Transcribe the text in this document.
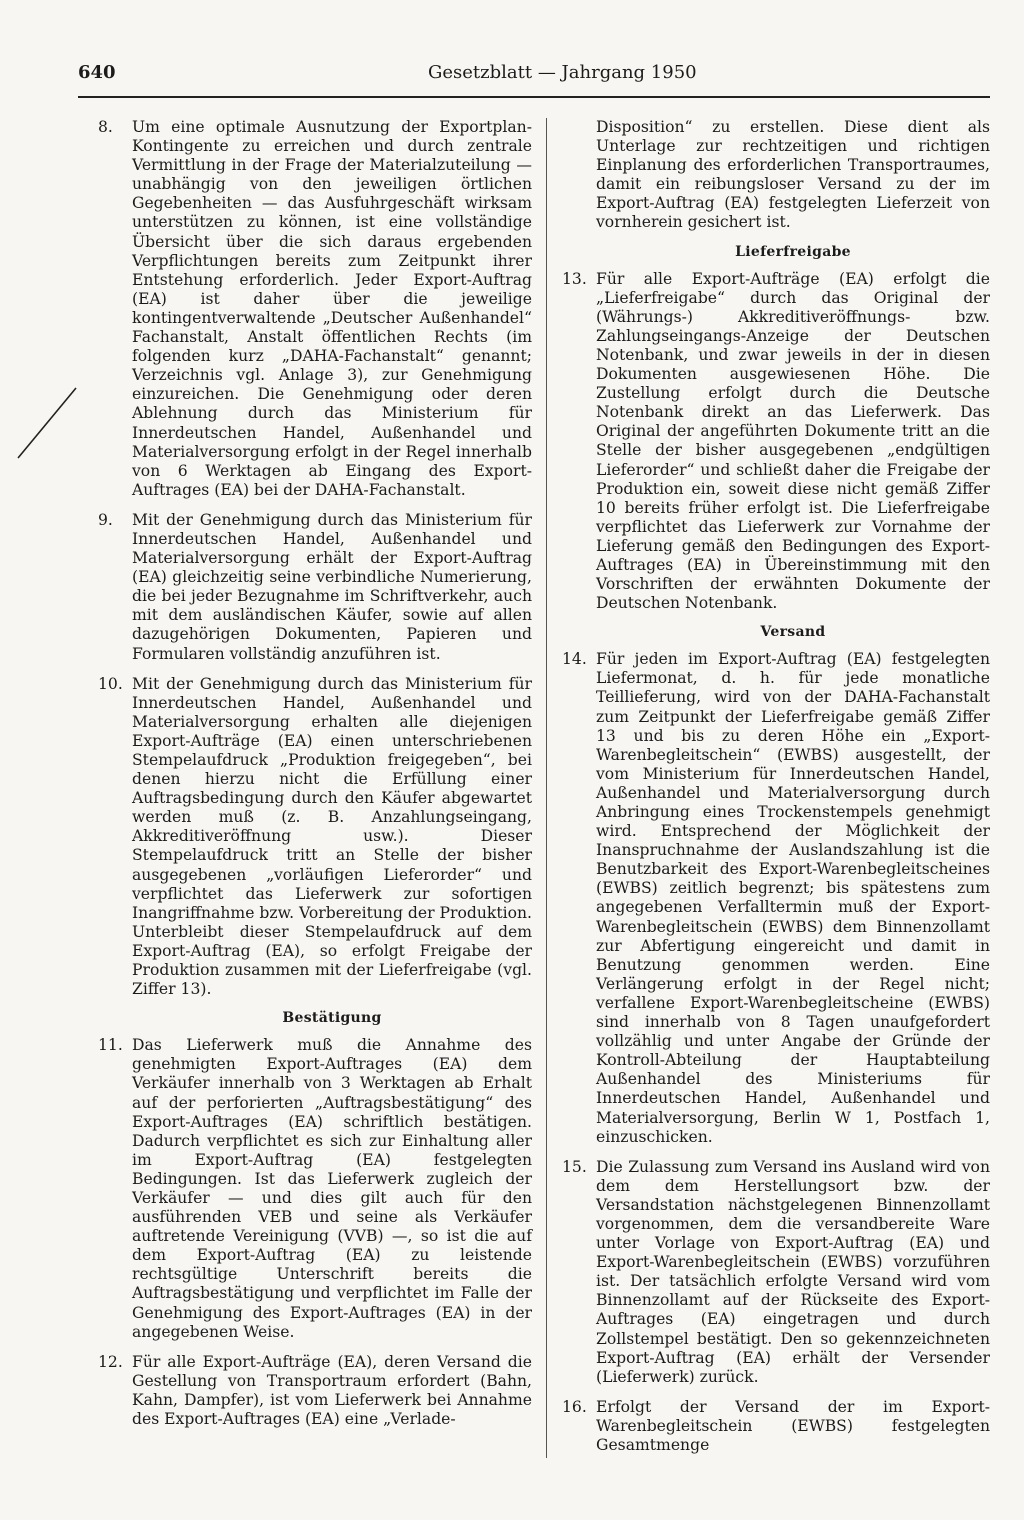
640	Gesetzblatt — Jahrgang 1950

8. Um eine optimale Ausnutzung der Exportplan-Kontingente zu erreichen und durch zentrale Vermittlung in der Frage der Materialzuteilung — unabhängig von den jeweiligen örtlichen Gegebenheiten — das Ausfuhrgeschäft wirksam unterstützen zu können, ist eine vollständige Übersicht über die sich daraus ergebenden Verpflichtungen bereits zum Zeitpunkt ihrer Entstehung erforderlich. Jeder Export-Auftrag (EA) ist daher über die jeweilige kontingentverwaltende „Deutscher Außenhandel“ Fachanstalt, Anstalt öffentlichen Rechts (im folgenden kurz „DAHA-Fachanstalt“ genannt; Verzeichnis vgl. Anlage 3), zur Genehmigung einzureichen. Die Genehmigung oder deren Ablehnung durch das Ministerium für Innerdeutschen Handel, Außenhandel und Materialversorgung erfolgt in der Regel innerhalb von 6 Werktagen ab Eingang des Export-Auftrages (EA) bei der DAHA-Fachanstalt.

9. Mit der Genehmigung durch das Ministerium für Innerdeutschen Handel, Außenhandel und Materialversorgung erhält der Export-Auftrag (EA) gleichzeitig seine verbindliche Numerierung, die bei jeder Bezugnahme im Schriftverkehr, auch mit dem ausländischen Käufer, sowie auf allen dazugehörigen Dokumenten, Papieren und Formularen vollständig anzuführen ist.

10. Mit der Genehmigung durch das Ministerium für Innerdeutschen Handel, Außenhandel und Materialversorgung erhalten alle diejenigen Export-Aufträge (EA) einen unterschriebenen Stempelaufdruck „Produktion freigegeben“, bei denen hierzu nicht die Erfüllung einer Auftragsbedingung durch den Käufer abgewartet werden muß (z. B. Anzahlungseingang, Akkreditiveröffnung usw.). Dieser Stempelaufdruck tritt an Stelle der bisher ausgegebenen „vorläufigen Lieferorder“ und verpflichtet das Lieferwerk zur sofortigen Inangriffnahme bzw. Vorbereitung der Produktion. Unterbleibt dieser Stempelaufdruck auf dem Export-Auftrag (EA), so erfolgt Freigabe der Produktion zusammen mit der Lieferfreigabe (vgl. Ziffer 13).

Bestätigung

11. Das Lieferwerk muß die Annahme des genehmigten Export-Auftrages (EA) dem Verkäufer innerhalb von 3 Werktagen ab Erhalt auf der perforierten „Auftragsbestätigung“ des Export-Auftrages (EA) schriftlich bestätigen. Dadurch verpflichtet es sich zur Einhaltung aller im Export-Auftrag (EA) festgelegten Bedingungen. Ist das Lieferwerk zugleich der Verkäufer — und dies gilt auch für den ausführenden VEB und seine als Verkäufer auftretende Vereinigung (VVB) —, so ist die auf dem Export-Auftrag (EA) zu leistende rechtsgültige Unterschrift bereits die Auftragsbestätigung und verpflichtet im Falle der Genehmigung des Export-Auftrages (EA) in der angegebenen Weise.

12. Für alle Export-Aufträge (EA), deren Versand die Gestellung von Transportraum erfordert (Bahn, Kahn, Dampfer), ist vom Lieferwerk bei Annahme des Export-Auftrages (EA) eine „Verlade-

Disposition“ zu erstellen. Diese dient als Unterlage zur rechtzeitigen und richtigen Einplanung des erforderlichen Transportraumes, damit ein reibungsloser Versand zu der im Export-Auftrag (EA) festgelegten Lieferzeit von vornherein gesichert ist.

Lieferfreigabe

13. Für alle Export-Aufträge (EA) erfolgt die „Lieferfreigabe“ durch das Original der (Währungs-) Akkreditiveröffnungs- bzw. Zahlungseingangs-Anzeige der Deutschen Notenbank, und zwar jeweils in der in diesen Dokumenten ausgewiesenen Höhe. Die Zustellung erfolgt durch die Deutsche Notenbank direkt an das Lieferwerk. Das Original der angeführten Dokumente tritt an die Stelle der bisher ausgegebenen „endgültigen Lieferorder“ und schließt daher die Freigabe der Produktion ein, soweit diese nicht gemäß Ziffer 10 bereits früher erfolgt ist. Die Lieferfreigabe verpflichtet das Lieferwerk zur Vornahme der Lieferung gemäß den Bedingungen des Export-Auftrages (EA) in Übereinstimmung mit den Vorschriften der erwähnten Dokumente der Deutschen Notenbank.

Versand

14. Für jeden im Export-Auftrag (EA) festgelegten Liefermonat, d. h. für jede monatliche Teillieferung, wird von der DAHA-Fachanstalt zum Zeitpunkt der Lieferfreigabe gemäß Ziffer 13 und bis zu deren Höhe ein „Export-Warenbegleitschein“ (EWBS) ausgestellt, der vom Ministerium für Innerdeutschen Handel, Außenhandel und Materialversorgung durch Anbringung eines Trockenstempels genehmigt wird. Entsprechend der Möglichkeit der Inanspruchnahme der Auslandszahlung ist die Benutzbarkeit des Export-Warenbegleitscheines (EWBS) zeitlich begrenzt; bis spätestens zum angegebenen Verfalltermin muß der Export-Warenbegleitschein (EWBS) dem Binnenzollamt zur Abfertigung eingereicht und damit in Benutzung genommen werden. Eine Verlängerung erfolgt in der Regel nicht; verfallene Export-Warenbegleitscheine (EWBS) sind innerhalb von 8 Tagen unaufgefordert vollzählig und unter Angabe der Gründe der Kontroll-Abteilung der Hauptabteilung Außenhandel des Ministeriums für Innerdeutschen Handel, Außenhandel und Materialversorgung, Berlin W 1, Postfach 1, einzuschicken.

15. Die Zulassung zum Versand ins Ausland wird von dem dem Herstellungsort bzw. der Versandstation nächstgelegenen Binnenzollamt vorgenommen, dem die versandbereite Ware unter Vorlage von Export-Auftrag (EA) und Export-Warenbegleitschein (EWBS) vorzuführen ist. Der tatsächlich erfolgte Versand wird vom Binnenzollamt auf der Rückseite des Export-Auftrages (EA) eingetragen und durch Zollstempel bestätigt. Den so gekennzeichneten Export-Auftrag (EA) erhält der Versender (Lieferwerk) zurück.

16. Erfolgt der Versand der im Export-Warenbegleitschein (EWBS) festgelegten Gesamtmenge
